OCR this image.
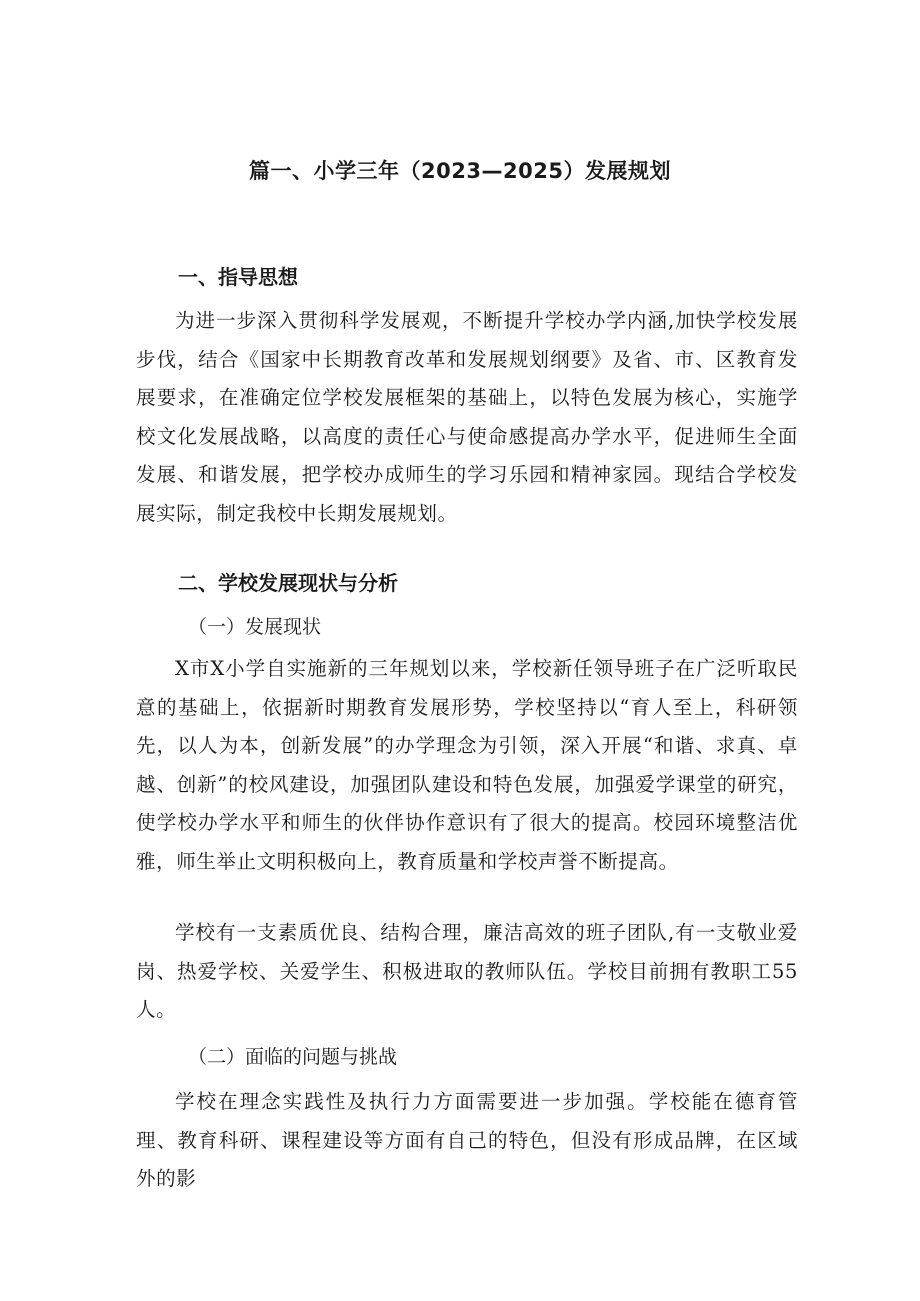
篇一、小学三年（2023—2025）发展规划
一、指导思想
为进一步深入贯彻科学发展观，不断提升学校办学内涵,加快学校发展步伐，结合《国家中长期教育改革和发展规划纲要》及省、市、区教育发展要求，在准确定位学校发展框架的基础上，以特色发展为核心，实施学校文化发展战略，以高度的责任心与使命感提高办学水平，促进师生全面发展、和谐发展，把学校办成师生的学习乐园和精神家园。现结合学校发展实际，制定我校中长期发展规划。
二、学校发展现状与分析
（一）发展现状
X市X小学自实施新的三年规划以来，学校新任领导班子在广泛听取民意的基础上，依据新时期教育发展形势，学校坚持以“育人至上，科研领先，以人为本，创新发展”的办学理念为引领，深入开展“和谐、求真、卓越、创新”的校风建设，加强团队建设和特色发展，加强爱学课堂的研究，使学校办学水平和师生的伙伴协作意识有了很大的提高。校园环境整洁优雅，师生举止文明积极向上，教育质量和学校声誉不断提高。
学校有一支素质优良、结构合理，廉洁高效的班子团队,有一支敬业爱岗、热爱学校、关爱学生、积极进取的教师队伍。学校目前拥有教职工55人。
（二）面临的问题与挑战
学校在理念实践性及执行力方面需要进一步加强。学校能在德育管理、教育科研、课程建设等方面有自己的特色，但没有形成品牌，在区域外的影
